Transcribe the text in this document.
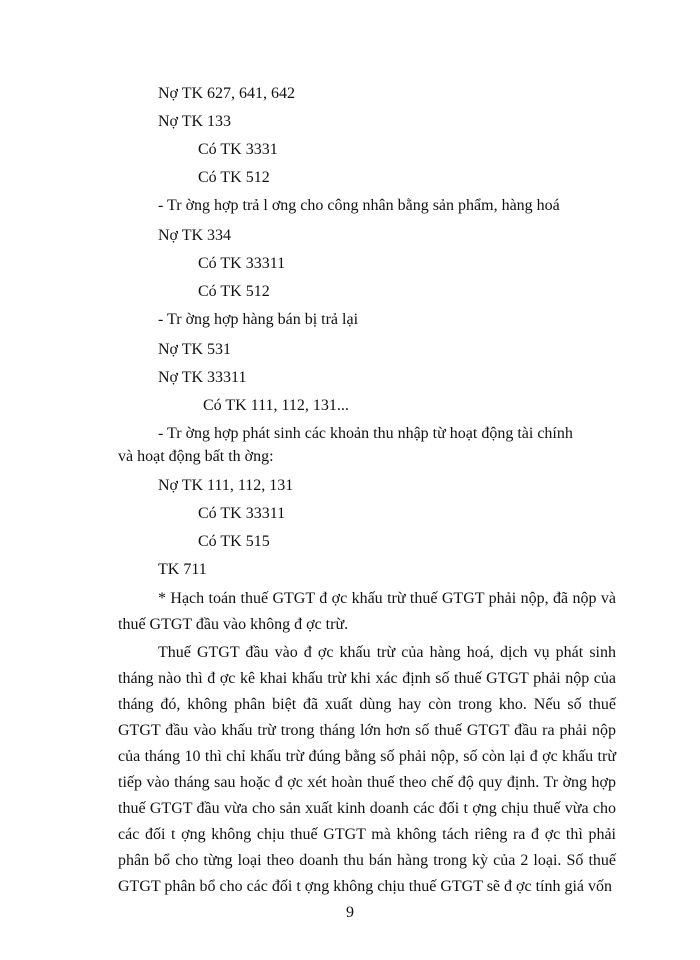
Nợ TK 627, 641, 642
Nợ TK 133
Có TK 3331
Có TK 512
- Tr ờng hợp trả l ơng cho công nhân bằng sản phẩm, hàng hoá
Nợ TK 334
Có TK 33311
Có TK 512
- Tr ờng hợp hàng bán bị trả lại
Nợ TK 531
Nợ TK 33311
Có TK 111, 112, 131...
- Tr ờng hợp phát sinh các khoản thu nhập từ hoạt động tài chính
và hoạt động bất th ờng:
Nợ TK 111, 112, 131
Có TK 33311
Có TK 515
TK 711
* Hạch toán thuế GTGT đ ợc khấu trừ thuế GTGT phải nộp, đã nộp và thuế GTGT đầu vào không đ ợc trừ.
Thuế GTGT đầu vào đ ợc khấu trừ của hàng hoá, dịch vụ phát sinh tháng nào thì đ ợc kê khai khấu trừ khi xác định số thuế GTGT phải nộp của tháng đó, không phân biệt đã xuất dùng hay còn trong kho. Nếu số thuế GTGT đầu vào khấu trừ trong tháng lớn hơn số thuế GTGT đầu ra phải nộp của tháng 10 thì chỉ khấu trừ đúng bằng số phải nộp, số còn lại đ ợc khấu trừ tiếp vào tháng sau hoặc đ ợc xét hoàn thuế theo chế độ quy định. Tr ờng hợp thuế GTGT đầu vừa cho sản xuất kinh doanh các đối t ợng chịu thuế vừa cho các đối t ợng không chịu thuế GTGT mà không tách riêng ra đ ợc thì phải phân bổ cho từng loại theo doanh thu bán hàng trong kỳ của 2 loại. Số thuế GTGT phân bổ cho các đối t ợng không chịu thuế GTGT sẽ đ ợc tính giá vốn
9
